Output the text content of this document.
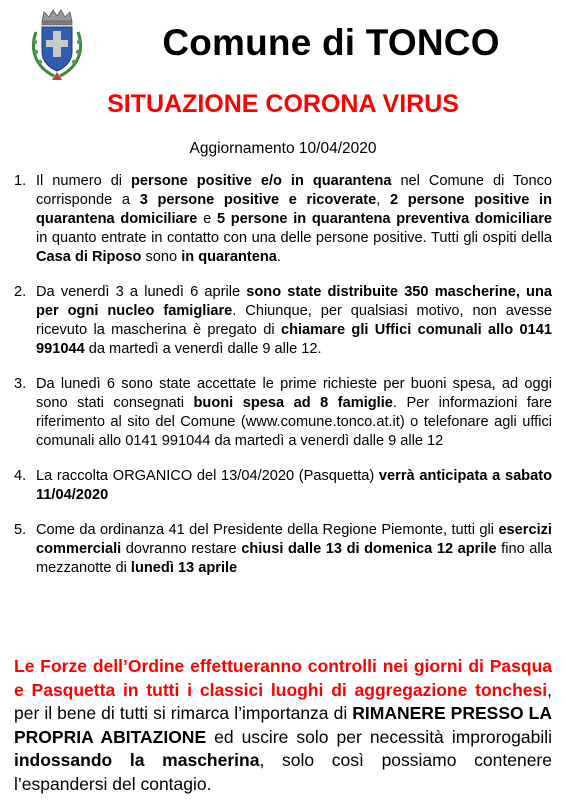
Comune di TONCO
SITUAZIONE CORONA VIRUS

Aggiornamento 10/04/2020

1. Il numero di persone positive e/o in quarantena nel Comune di Tonco corrisponde a 3 persone positive e ricoverate, 2 persone positive in quarantena domiciliare e 5 persone in quarantena preventiva domiciliare in quanto entrate in contatto con una delle persone positive. Tutti gli ospiti della Casa di Riposo sono in quarantena.
2. Da venerdì 3 a lunedì 6 aprile sono state distribuite 350 mascherine, una per ogni nucleo famigliare. Chiunque, per qualsiasi motivo, non avesse ricevuto la mascherina è pregato di chiamare gli Uffici comunali allo 0141 991044 da martedì a venerdì dalle 9 alle 12.
3. Da lunedì 6 sono state accettate le prime richieste per buoni spesa, ad oggi sono stati consegnati buoni spesa ad 8 famiglie. Per informazioni fare riferimento al sito del Comune (www.comune.tonco.at.it) o telefonare agli uffici comunali allo 0141 991044 da martedì a venerdì dalle 9 alle 12
4. La raccolta ORGANICO del 13/04/2020 (Pasquetta) verrà anticipata a sabato 11/04/2020
5. Come da ordinanza 41 del Presidente della Regione Piemonte, tutti gli esercizi commerciali dovranno restare chiusi dalle 13 di domenica 12 aprile fino alla mezzanotte di lunedì 13 aprile

Le Forze dell’Ordine effettueranno controlli nei giorni di Pasqua e Pasquetta in tutti i classici luoghi di aggregazione tonchesi, per il bene di tutti si rimarca l’importanza di RIMANERE PRESSO LA PROPRIA ABITAZIONE ed uscire solo per necessità improrogabili indossando la mascherina, solo così possiamo contenere l’espandersi del contagio.
